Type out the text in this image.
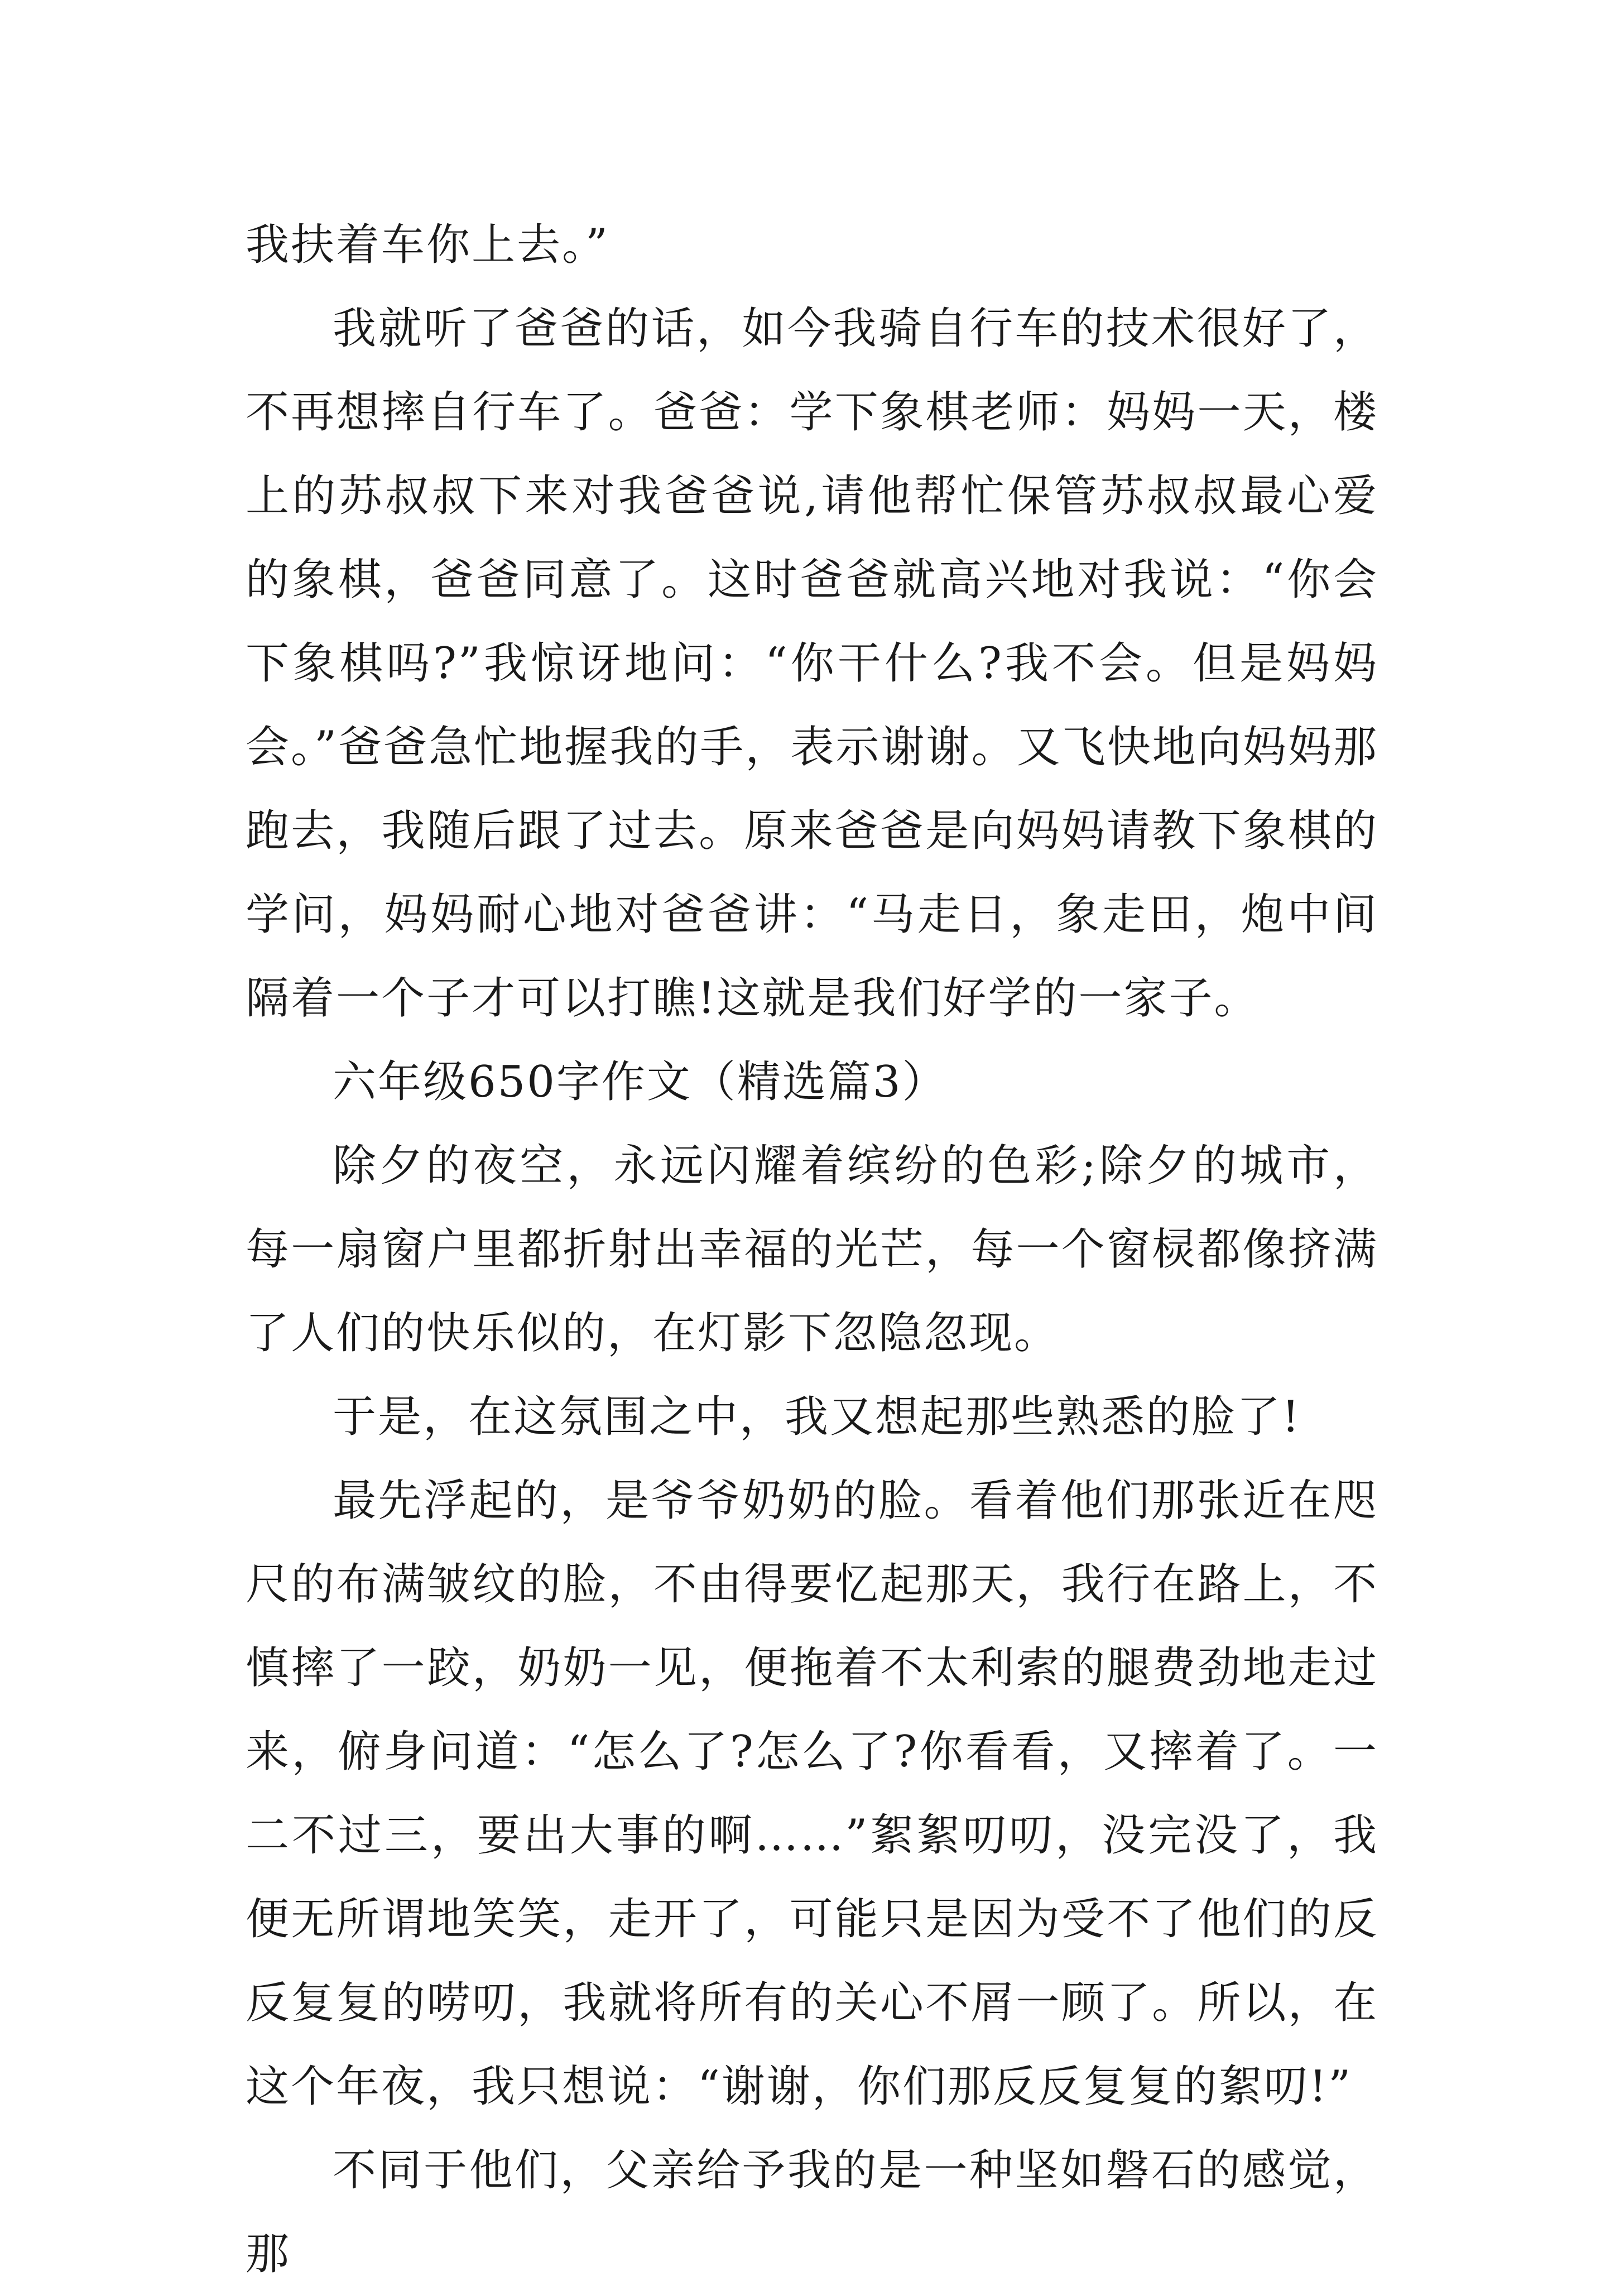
我扶着车你上去。”

我就听了爸爸的话，如今我骑自行车的技术很好了，不再想摔自行车了。爸爸：学下象棋老师：妈妈一天，楼上的苏叔叔下来对我爸爸说,请他帮忙保管苏叔叔最心爱的象棋，爸爸同意了。这时爸爸就高兴地对我说：“你会下象棋吗?”我惊讶地问：“你干什么?我不会。但是妈妈会。”爸爸急忙地握我的手，表示谢谢。又飞快地向妈妈那跑去，我随后跟了过去。原来爸爸是向妈妈请教下象棋的学问，妈妈耐心地对爸爸讲：“马走日，象走田，炮中间隔着一个子才可以打瞧!这就是我们好学的一家子。

六年级650字作文（精选篇3）

除夕的夜空，永远闪耀着缤纷的色彩;除夕的城市，每一扇窗户里都折射出幸福的光芒，每一个窗棂都像挤满了人们的快乐似的，在灯影下忽隐忽现。

于是，在这氛围之中，我又想起那些熟悉的脸了!

最先浮起的，是爷爷奶奶的脸。看着他们那张近在咫尺的布满皱纹的脸，不由得要忆起那天，我行在路上，不慎摔了一跤，奶奶一见，便拖着不太利索的腿费劲地走过来，俯身问道：“怎么了?怎么了?你看看，又摔着了。一二不过三，要出大事的啊……”絮絮叨叨，没完没了，我便无所谓地笑笑，走开了，可能只是因为受不了他们的反反复复的唠叨，我就将所有的关心不屑一顾了。所以，在这个年夜，我只想说：“谢谢，你们那反反复复的絮叨!”

不同于他们，父亲给予我的是一种坚如磐石的感觉，那
